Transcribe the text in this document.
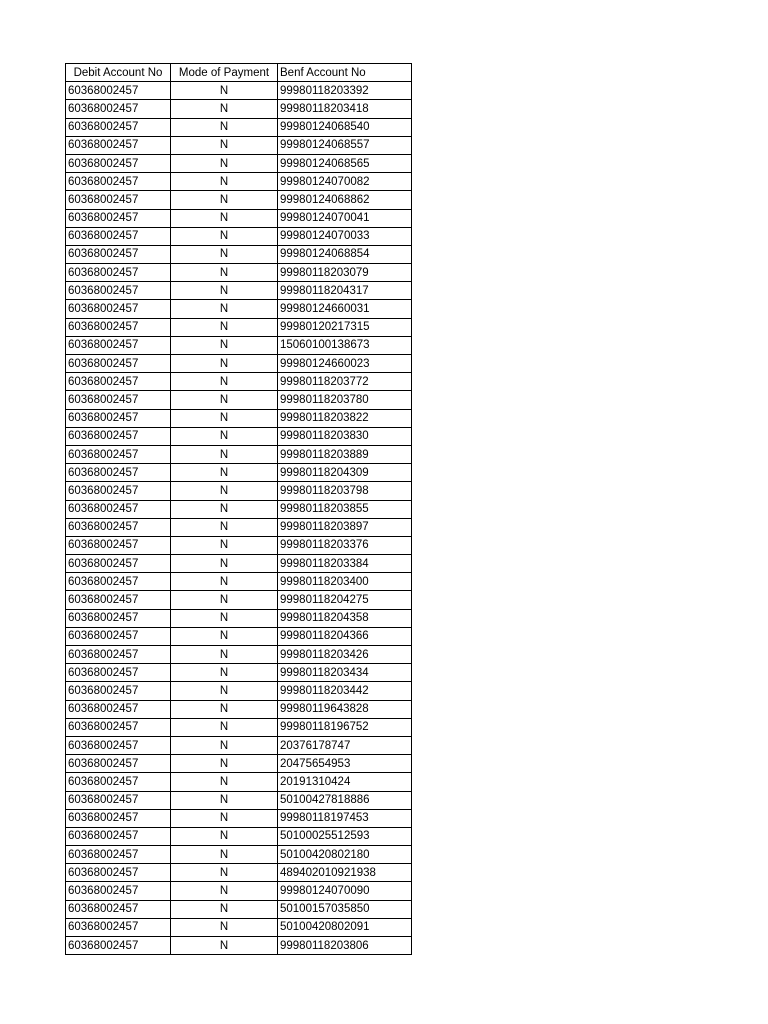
Debit Account No	Mode of Payment	Benf Account No
60368002457	N	99980118203392
60368002457	N	99980118203418
60368002457	N	99980124068540
60368002457	N	99980124068557
60368002457	N	99980124068565
60368002457	N	99980124070082
60368002457	N	99980124068862
60368002457	N	99980124070041
60368002457	N	99980124070033
60368002457	N	99980124068854
60368002457	N	99980118203079
60368002457	N	99980118204317
60368002457	N	99980124660031
60368002457	N	99980120217315
60368002457	N	15060100138673
60368002457	N	99980124660023
60368002457	N	99980118203772
60368002457	N	99980118203780
60368002457	N	99980118203822
60368002457	N	99980118203830
60368002457	N	99980118203889
60368002457	N	99980118204309
60368002457	N	99980118203798
60368002457	N	99980118203855
60368002457	N	99980118203897
60368002457	N	99980118203376
60368002457	N	99980118203384
60368002457	N	99980118203400
60368002457	N	99980118204275
60368002457	N	99980118204358
60368002457	N	99980118204366
60368002457	N	99980118203426
60368002457	N	99980118203434
60368002457	N	99980118203442
60368002457	N	99980119643828
60368002457	N	99980118196752
60368002457	N	20376178747
60368002457	N	20475654953
60368002457	N	20191310424
60368002457	N	50100427818886
60368002457	N	99980118197453
60368002457	N	50100025512593
60368002457	N	50100420802180
60368002457	N	489402010921938
60368002457	N	99980124070090
60368002457	N	50100157035850
60368002457	N	50100420802091
60368002457	N	99980118203806
